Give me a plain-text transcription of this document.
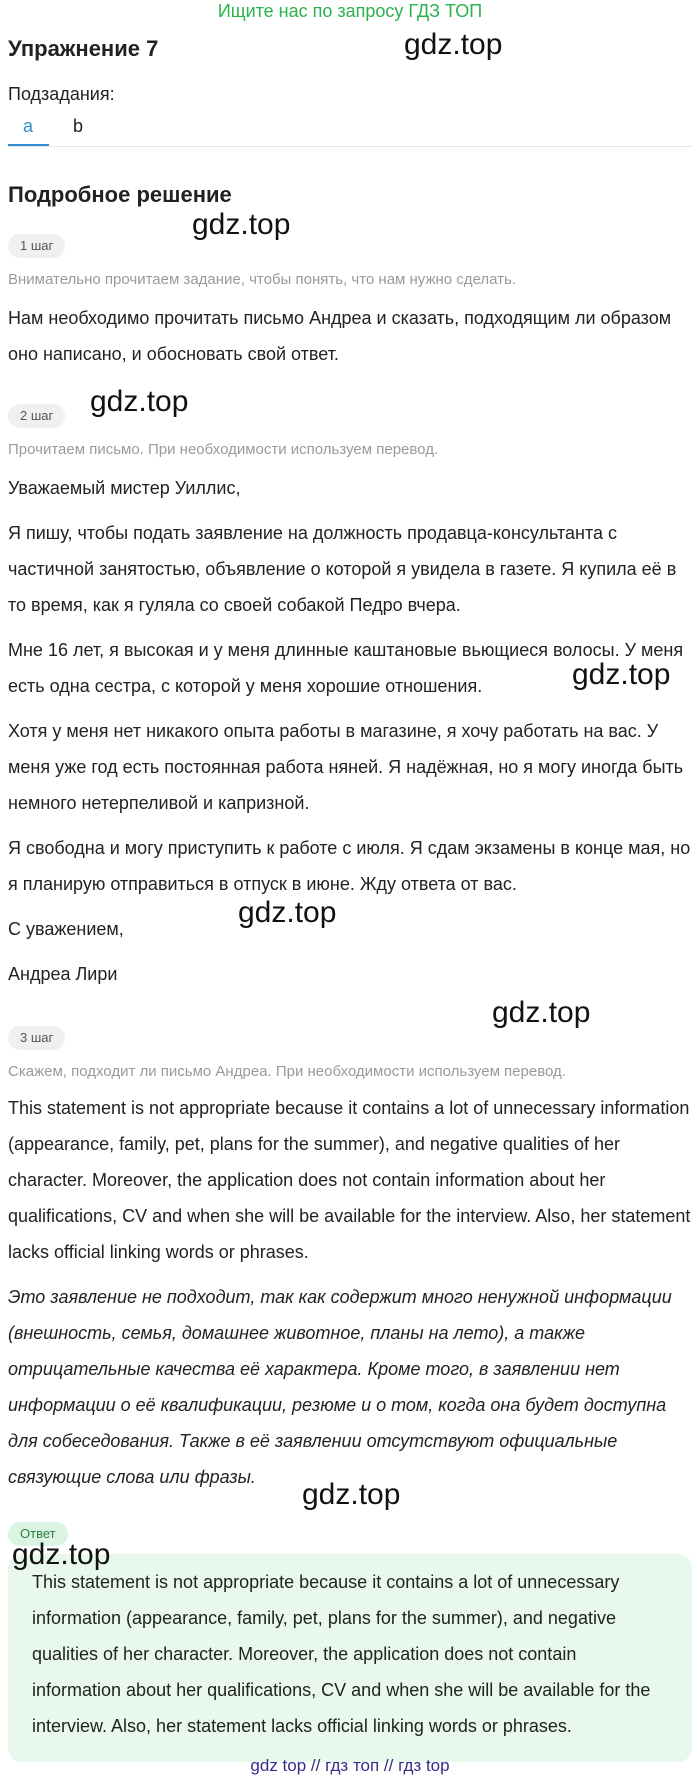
Ищите нас по запросу ГДЗ ТОП
Упражнение 7	gdz.top
Подзадания:
a b
Подробное решение
gdz.top
1 шаг
Внимательно прочитаем задание, чтобы понять, что нам нужно сделать.

Нам необходимо прочитать письмо Андреа и сказать, подходящим ли образом оно написано, и обосновать свой ответ.

2 шаг	gdz.top
Прочитаем письмо. При необходимости используем перевод.

Уважаемый мистер Уиллис,

Я пишу, чтобы подать заявление на должность продавца-консультанта с частичной занятостью, объявление о которой я увидела в газете. Я купила её в то время, как я гуляла со своей собакой Педро вчера.

Мне 16 лет, я высокая и у меня длинные каштановые вьющиеся волосы. У меня есть одна сестра, с которой у меня хорошие отношения.	gdz.top

Хотя у меня нет никакого опыта работы в магазине, я хочу работать на вас. У меня уже год есть постоянная работа няней. Я надёжная, но я могу иногда быть немного нетерпеливой и капризной.

Я свободна и могу приступить к работе с июля. Я сдам экзамены в конце мая, но я планирую отправиться в отпуск в июне. Жду ответа от вас.

gdz.top

С уважением,

Андреа Лири

gdz.top
3 шаг
Скажем, подходит ли письмо Андреа. При необходимости используем перевод.

This statement is not appropriate because it contains a lot of unnecessary information (appearance, family, pet, plans for the summer), and negative qualities of her character. Moreover, the application does not contain information about her qualifications, CV and when she will be available for the interview. Also, her statement lacks official linking words or phrases.

Это заявление не подходит, так как содержит много ненужной информации (внешность, семья, домашнее животное, планы на лето), а также отрицательные качества её характера. Кроме того, в заявлении нет информации о её квалификации, резюме и о том, когда она будет доступна для собеседования. Также в её заявлении отсутствуют официальные связующие слова или фразы.

gdz.top
Ответ

This statement is not appropriate because it contains a lot of unnecessary information (appearance, family, pet, plans for the summer), and negative qualities of her character. Moreover, the application does not contain information about her qualifications, CV and when she will be available for the interview. Also, her statement lacks official linking words or phrases.

gdz.top
gdz top // гдз топ // гдз top
